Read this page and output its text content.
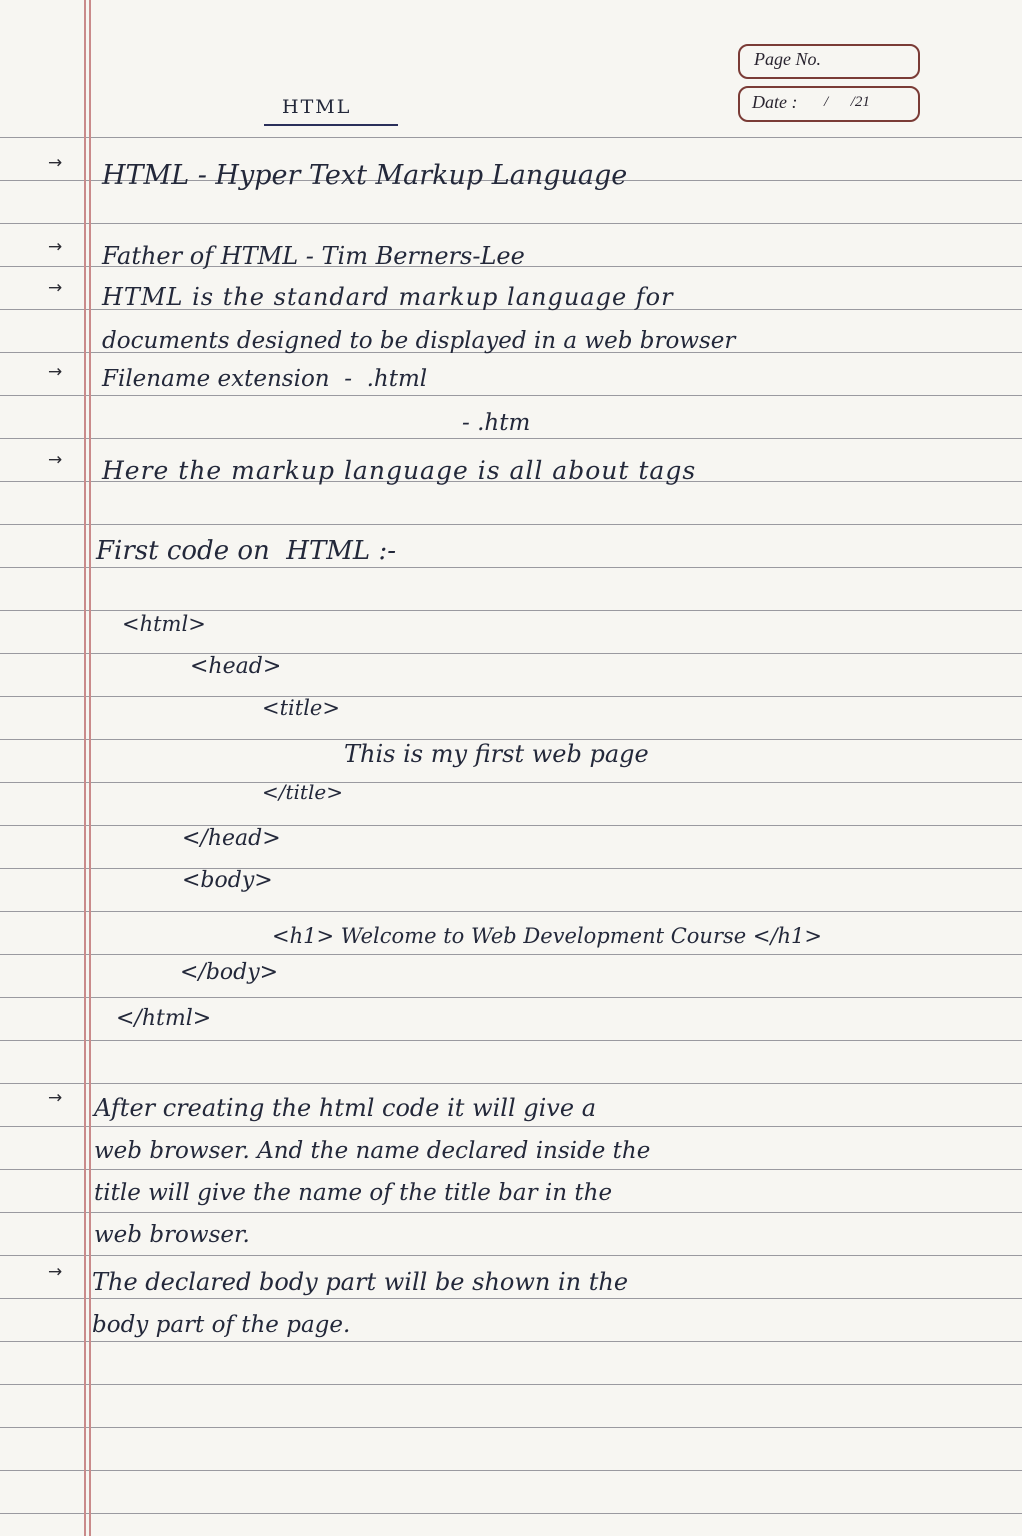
Page No.
Date : /      /21
HTML
→ HTML - Hyper Text Markup Language
→ Father of HTML - Tim Berners-Lee
→ HTML is the standard markup language for
documents designed to be displayed in a web browser
→ Filename extension  -  .html
- .htm
→ Here the markup language is all about tags
First code on  HTML :-
<html>
<head>
<title>
This is my first web page
</title>
</head>
<body>
<h1> Welcome to Web Development Course </h1>
</body>
</html>
→ After creating the html code it will give a
web browser. And the name declared inside the
title will give the name of the title bar in the
web browser.
→ The declared body part will be shown in the
body part of the page.
